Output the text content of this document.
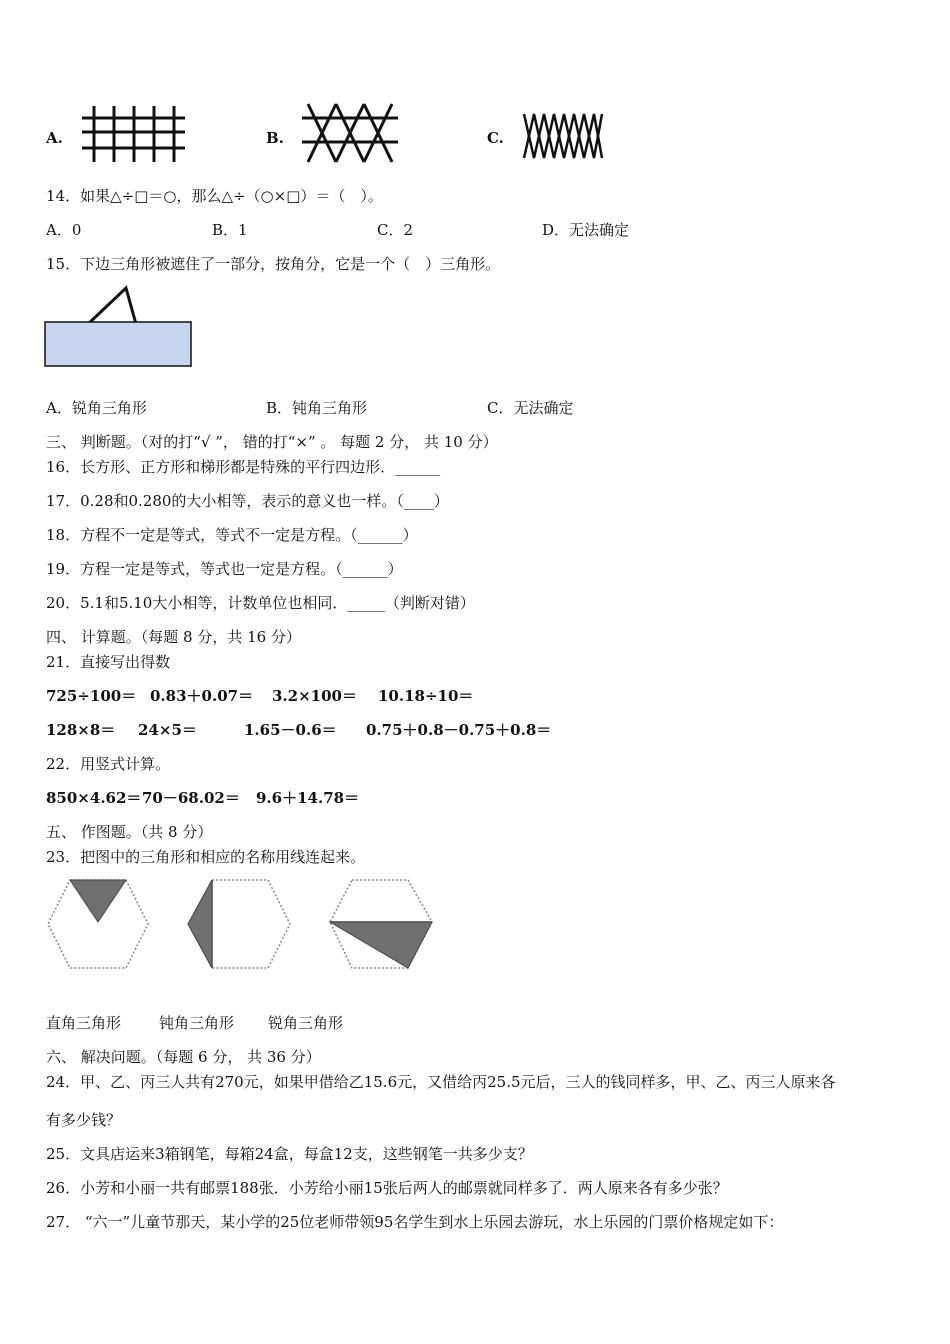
A.	B.	C.
14．如果△÷□＝○，那么△÷（○×□）＝（　）。
A．0	B．1	C．2	D．无法确定
15．下边三角形被遮住了一部分，按角分，它是一个（　）三角形。
A．锐角三角形	B．钝角三角形	C．无法确定
三、 判断题。（对的打“√ ”， 错的打“×” 。 每题 2 分， 共 10 分）
16．长方形、正方形和梯形都是特殊的平行四边形．______
17．0.28和0.280的大小相等，表示的意义也一样。（____）
18．方程不一定是等式，等式不一定是方程。（______）
19．方程一定是等式，等式也一定是方程。（______）
20．5.1和5.10大小相等，计数单位也相同．_____（判断对错）
四、 计算题。（每题 8 分，共 16 分）
21．直接写出得数
725÷100＝ 0.83＋0.07＝ 3.2×100＝ 10.18÷10＝
128×8＝ 24×5＝	1.65－0.6＝ 0.75＋0.8－0.75＋0.8＝
22．用竖式计算。
850×4.62＝ 70－68.02＝ 9.6＋14.78＝
五、 作图题。（共 8 分）
23．把图中的三角形和相应的名称用线连起来。
直角三角形	钝角三角形 锐角三角形
六、 解决问题。（每题 6 分， 共 36 分）
24．甲、乙、丙三人共有270元，如果甲借给乙15.6元，又借给丙25.5元后，三人的钱同样多，甲、乙、丙三人原来各
有多少钱？
25．文具店运来3箱钢笔，每箱24盒，每盒12支，这些钢笔一共多少支？
26．小芳和小丽一共有邮票188张．小芳给小丽15张后两人的邮票就同样多了．两人原来各有多少张？
27． “六一”儿童节那天，某小学的25位老师带领95名学生到水上乐园去游玩，水上乐园的门票价格规定如下：
